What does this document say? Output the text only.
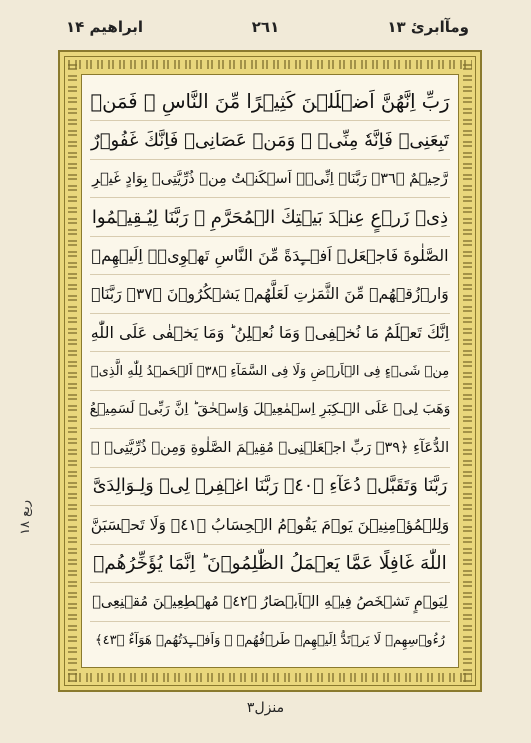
ابراهيم ١۴	٢٦١	ومآابرئ ١٣
ربع ١٨
رَبِّ اِنَّهُنَّ اَضۡلَلۡنَ كَثِيۡرًا مِّنَ النَّاسِ ۚ فَمَنۡ
تَبِعَنِىۡ فَاِنَّهٗ مِنِّىۡ ۚ وَمَنۡ عَصَانِىۡ فَاِنَّكَ غَفُوۡرٌ
رَّحِيۡمٌ ﴿٣٦﴾ رَبَّنَاۤ اِنِّىۡۤ اَسۡكَنۡتُ مِنۡ ذُرِّيَّتِىۡ بِوَادٍ غَيۡرِ
ذِىۡ زَرۡعٍ عِنۡدَ بَيۡتِكَ الۡمُحَرَّمِ ۙ رَبَّنَا لِيُـقِيۡمُوا
الصَّلٰوةَ فَاجۡعَلۡ اَفۡــِٕدَةً مِّنَ النَّاسِ تَهۡوِىۡۤ اِلَيۡهِمۡ
وَارۡزُقۡهُمۡ مِّنَ الثَّمَرٰتِ لَعَلَّهُمۡ يَشۡكُرُوۡنَ ﴿٣٧﴾ رَبَّنَاۤ
اِنَّكَ تَعۡلَمُ مَا نُخۡفِىۡ وَمَا نُعۡلِنُ ؕ وَمَا يَخۡفٰى عَلَى اللّٰهِ
مِنۡ شَىۡءٍ فِى الۡاَرۡضِ وَلَا فِى السَّمَآءِ ﴿٣٨﴾ اَلۡحَمۡدُ لِلّٰهِ الَّذِىۡ
وَهَبَ لِىۡ عَلَى الۡـكِبَرِ اِسۡمٰعِيۡلَ وَاِسۡحٰقَ ؕ اِنَّ رَبِّىۡ لَسَمِيۡعُ
الدُّعَآءِ ﴿٣٩﴾ رَبِّ اجۡعَلۡنِىۡ مُقِيۡمَ الصَّلٰوةِ وَمِنۡ ذُرِّيَّتِىۡ ۖ
رَبَّنَا وَتَقَبَّلۡ دُعَآءِ ﴿٤٠﴾ رَبَّنَا اغۡفِرۡ لِىۡ وَلِـوَالِدَىَّ
وَلِلۡمُؤۡمِنِيۡنَ يَوۡمَ يَقُوۡمُ الۡحِسَابُ ﴿٤١﴾ وَلَا تَحۡسَبَنَّ
اللّٰهَ غَافِلًا عَمَّا يَعۡمَلُ الظّٰلِمُوۡنَ ؕ اِنَّمَا يُؤَخِّرُهُمۡ
لِيَوۡمٍ تَشۡخَصُ فِيۡهِ الۡاَبۡصَارُ ﴿٤٢﴾ مُهۡطِعِيۡنَ مُقۡنِعِىۡ
رُءُوۡسِهِمۡ لَا يَرۡتَدُّ اِلَيۡهِمۡ طَرۡفُهُمۡ ۚ وَاَفۡــِٕدَتُهُمۡ هَوَآءٌ ﴿٤٣﴾
منزل٣
